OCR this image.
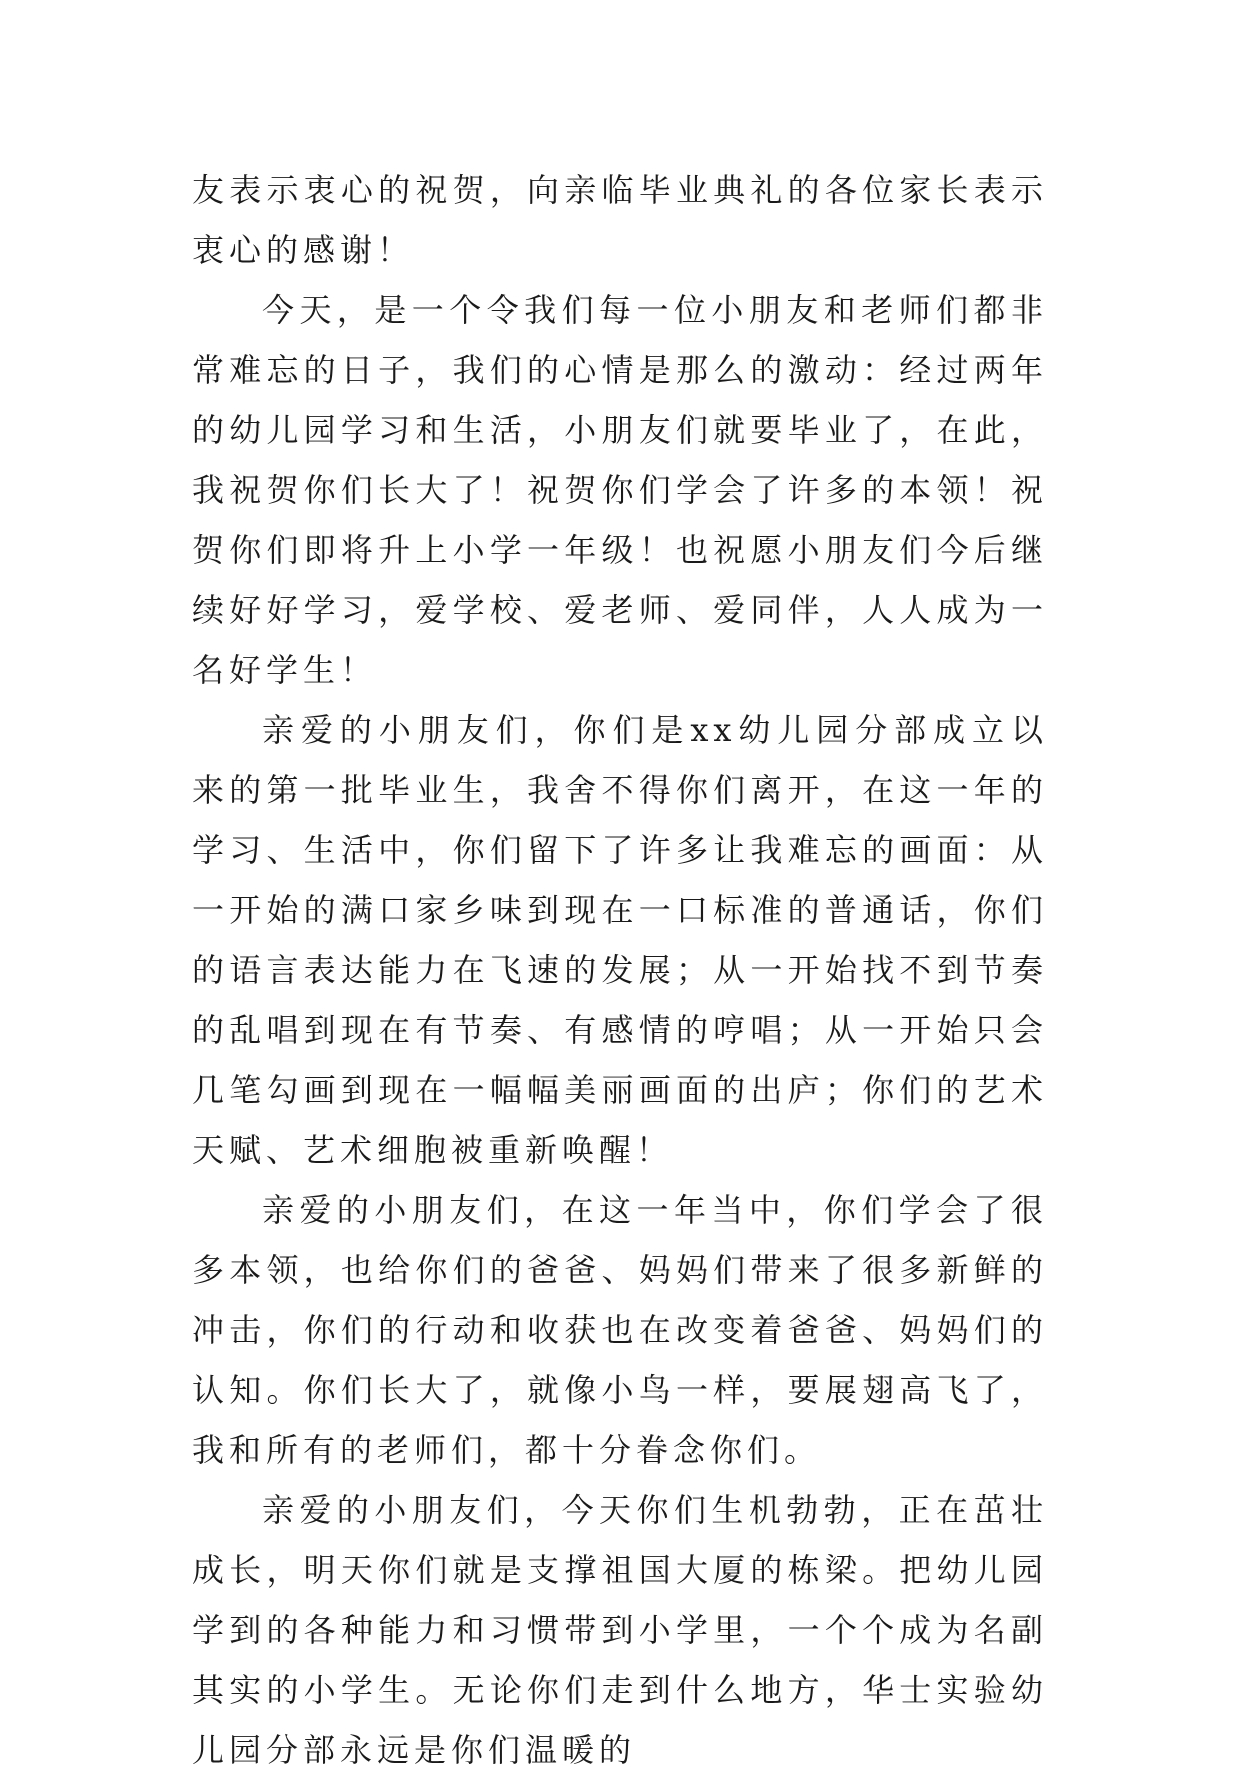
友表示衷心的祝贺，向亲临毕业典礼的各位家长表示衷心的感谢！

今天，是一个令我们每一位小朋友和老师们都非常难忘的日子，我们的心情是那么的激动：经过两年的幼儿园学习和生活，小朋友们就要毕业了，在此，我祝贺你们长大了！祝贺你们学会了许多的本领！祝贺你们即将升上小学一年级！也祝愿小朋友们今后继续好好学习，爱学校、爱老师、爱同伴，人人成为一名好学生！

亲爱的小朋友们，你们是xx幼儿园分部成立以来的第一批毕业生，我舍不得你们离开，在这一年的学习、生活中，你们留下了许多让我难忘的画面：从一开始的满口家乡味到现在一口标准的普通话，你们的语言表达能力在飞速的发展；从一开始找不到节奏的乱唱到现在有节奏、有感情的哼唱；从一开始只会几笔勾画到现在一幅幅美丽画面的出庐；你们的艺术天赋、艺术细胞被重新唤醒！

亲爱的小朋友们，在这一年当中，你们学会了很多本领，也给你们的爸爸、妈妈们带来了很多新鲜的冲击，你们的行动和收获也在改变着爸爸、妈妈们的认知。你们长大了，就像小鸟一样，要展翅高飞了，我和所有的老师们，都十分眷念你们。

亲爱的小朋友们，今天你们生机勃勃，正在茁壮成长，明天你们就是支撑祖国大厦的栋梁。把幼儿园学到的各种能力和习惯带到小学里，一个个成为名副其实的小学生。无论你们走到什么地方，华士实验幼儿园分部永远是你们温暖的
